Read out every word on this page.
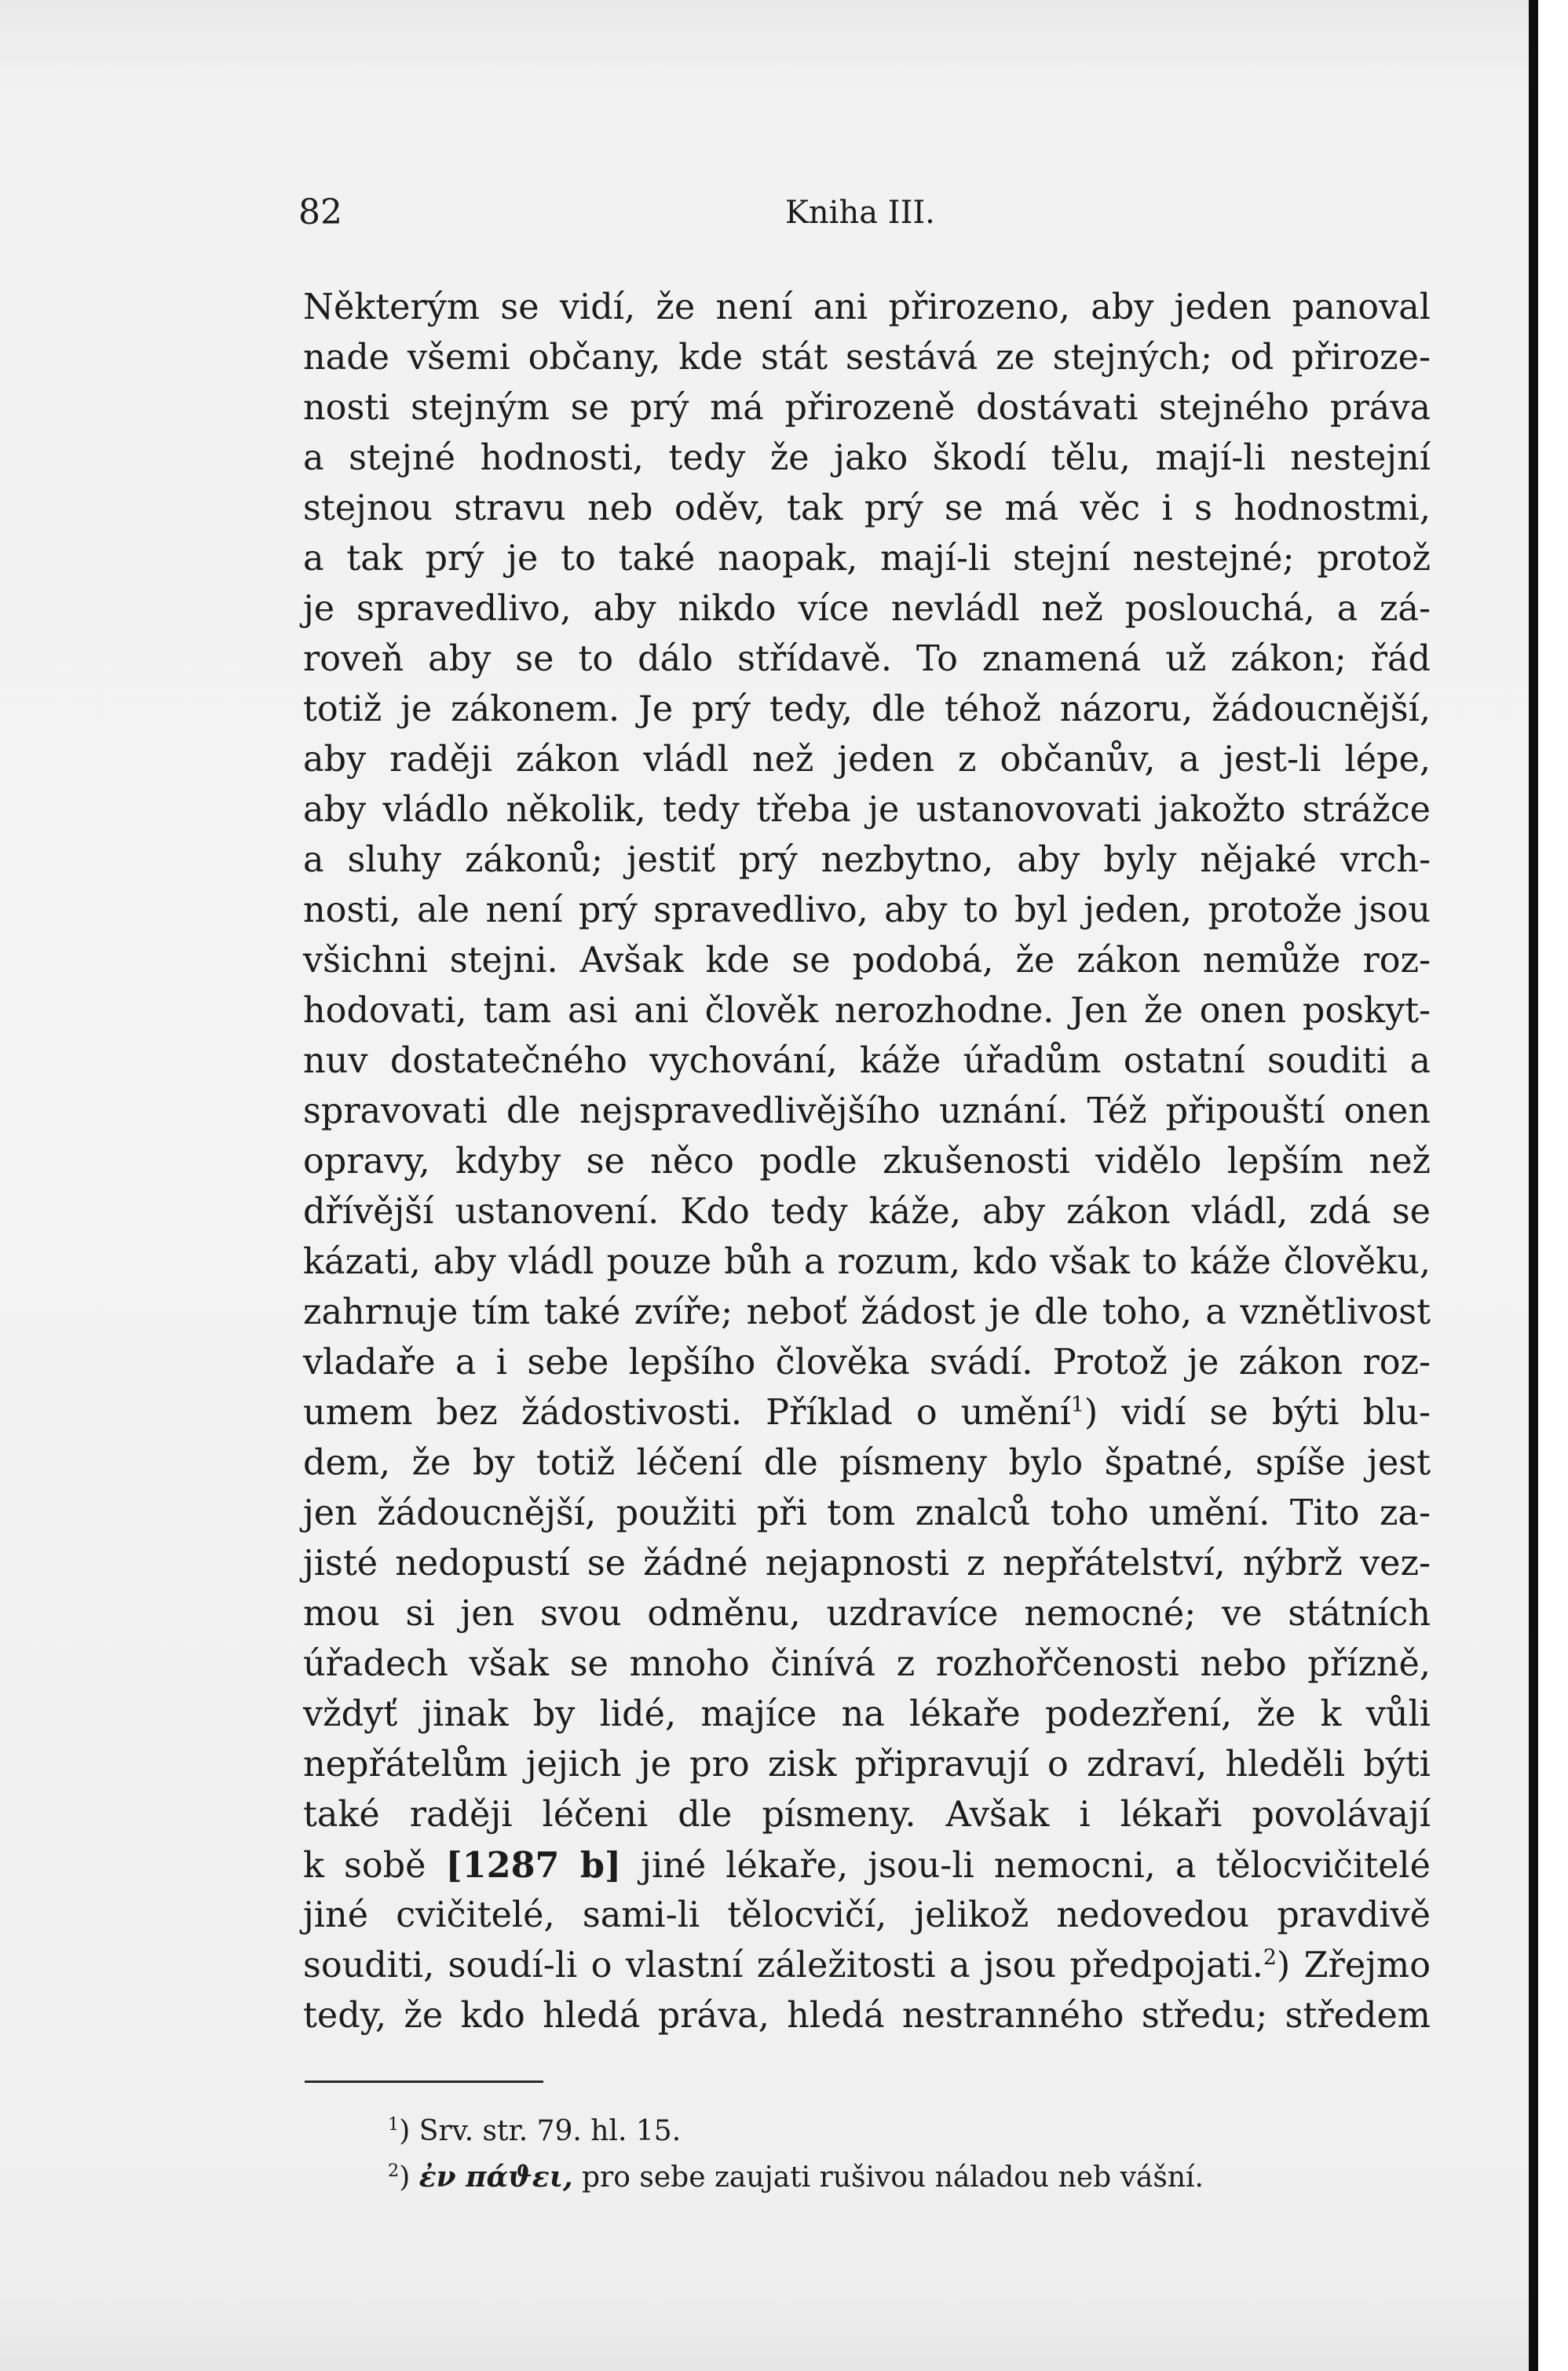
82	Kniha III.
Některým se vidí, že není ani přirozeno, aby jeden panoval
nade všemi občany, kde stát sestává ze stejných; od přiroze-
nosti stejným se prý má přirozeně dostávati stejného práva
a stejné hodnosti, tedy že jako škodí tělu, mají-li nestejní
stejnou stravu neb oděv, tak prý se má věc i s hodnostmi,
a tak prý je to také naopak, mají-li stejní nestejné; protož
je spravedlivo, aby nikdo více nevládl než poslouchá, a zá-
roveň aby se to dálo střídavě. To znamená už zákon; řád
totiž je zákonem. Je prý tedy, dle téhož názoru, žádoucnější,
aby raději zákon vládl než jeden z občanův, a jest-li lépe,
aby vládlo několik, tedy třeba je ustanovovati jakožto strážce
a sluhy zákonů; jestiť prý nezbytno, aby byly nějaké vrch-
nosti, ale není prý spravedlivo, aby to byl jeden, protože jsou
všichni stejni. Avšak kde se podobá, že zákon nemůže roz-
hodovati, tam asi ani člověk nerozhodne. Jen že onen poskyt-
nuv dostatečného vychování, káže úřadům ostatní souditi a
spravovati dle nejspravedlivějšího uznání. Též připouští onen
opravy, kdyby se něco podle zkušenosti vidělo lepším než
dřívější ustanovení. Kdo tedy káže, aby zákon vládl, zdá se
kázati, aby vládl pouze bůh a rozum, kdo však to káže člověku,
zahrnuje tím také zvíře; neboť žádost je dle toho, a vznětlivost
vladaře a i sebe lepšího člověka svádí. Protož je zákon roz-
umem bez žádostivosti. Příklad o umění$^1$) vidí se býti blu-
dem, že by totiž léčení dle písmeny bylo špatné, spíše jest
jen žádoucnější, použiti při tom znalců toho umění. Tito za-
jisté nedopustí se žádné nejapnosti z nepřátelství, nýbrž vez-
mou si jen svou odměnu, uzdravíce nemocné; ve státních
úřadech však se mnoho činívá z rozhořčenosti nebo přízně,
vždyť jinak by lidé, majíce na lékaře podezření, že k vůli
nepřátelům jejich je pro zisk připravují o zdraví, hleděli býti
také raději léčeni dle písmeny. Avšak i lékaři povolávají
k sobě [1287 b] jiné lékaře, jsou-li nemocni, a tělocvičitelé
jiné cvičitelé, sami-li tělocvičí, jelikož nedovedou pravdivě
souditi, soudí-li o vlastní záležitosti a jsou předpojati.$^2$) Zřejmo
tedy, že kdo hledá práva, hledá nestranného středu; středem
$^1$) Srv. str. 79. hl. 15.
$^2$) ἐν πάϑει, pro sebe zaujati rušivou náladou neb vášní.
